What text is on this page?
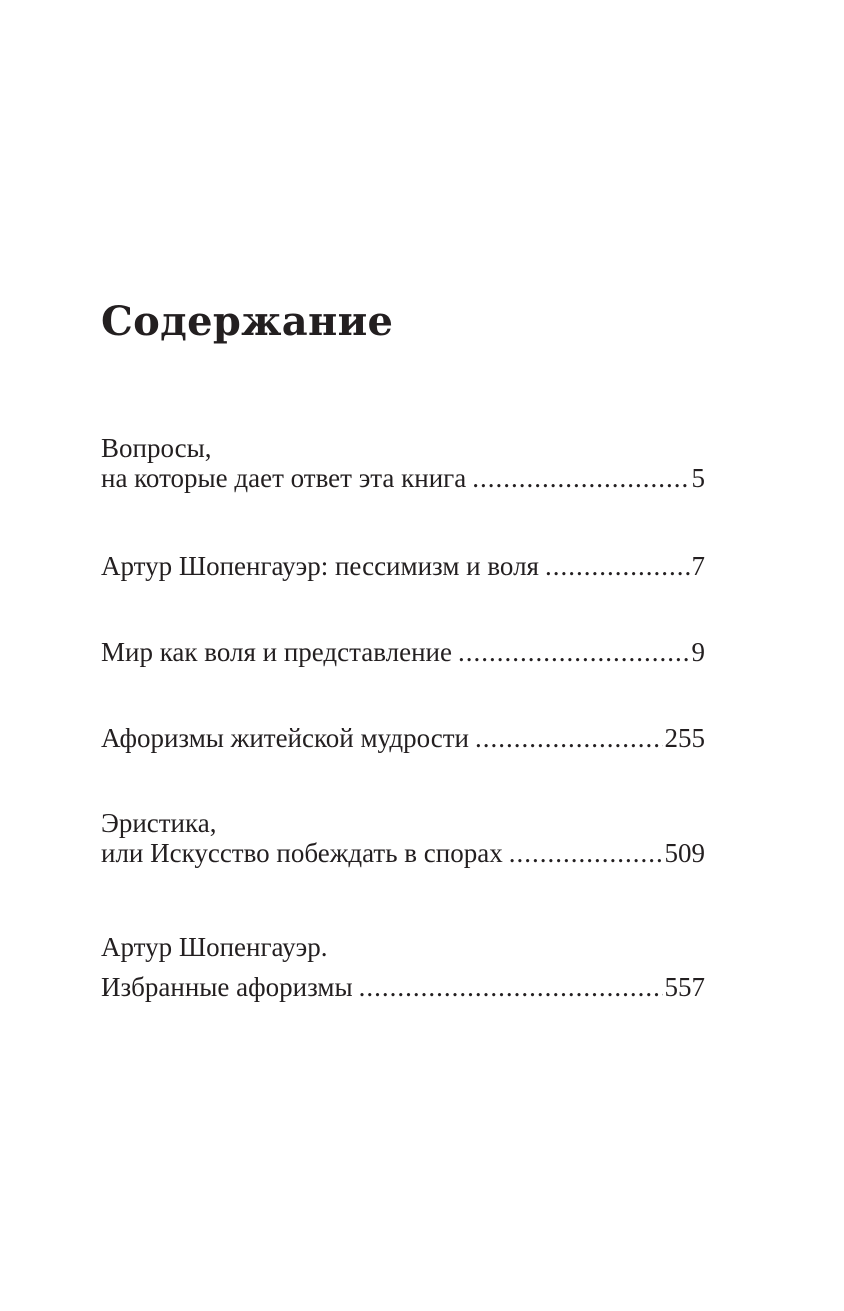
Содержание
Вопросы,
на которые дает ответ эта книга .....	5
Артур Шопенгауэр: пессимизм и воля .....	7
Мир как воля и представление .....	9
Афоризмы житейской мудрости .....	255
Эристика,
или Искусство побеждать в спорах .....	509
Артур Шопенгауэр.
Избранные афоризмы .....	557
